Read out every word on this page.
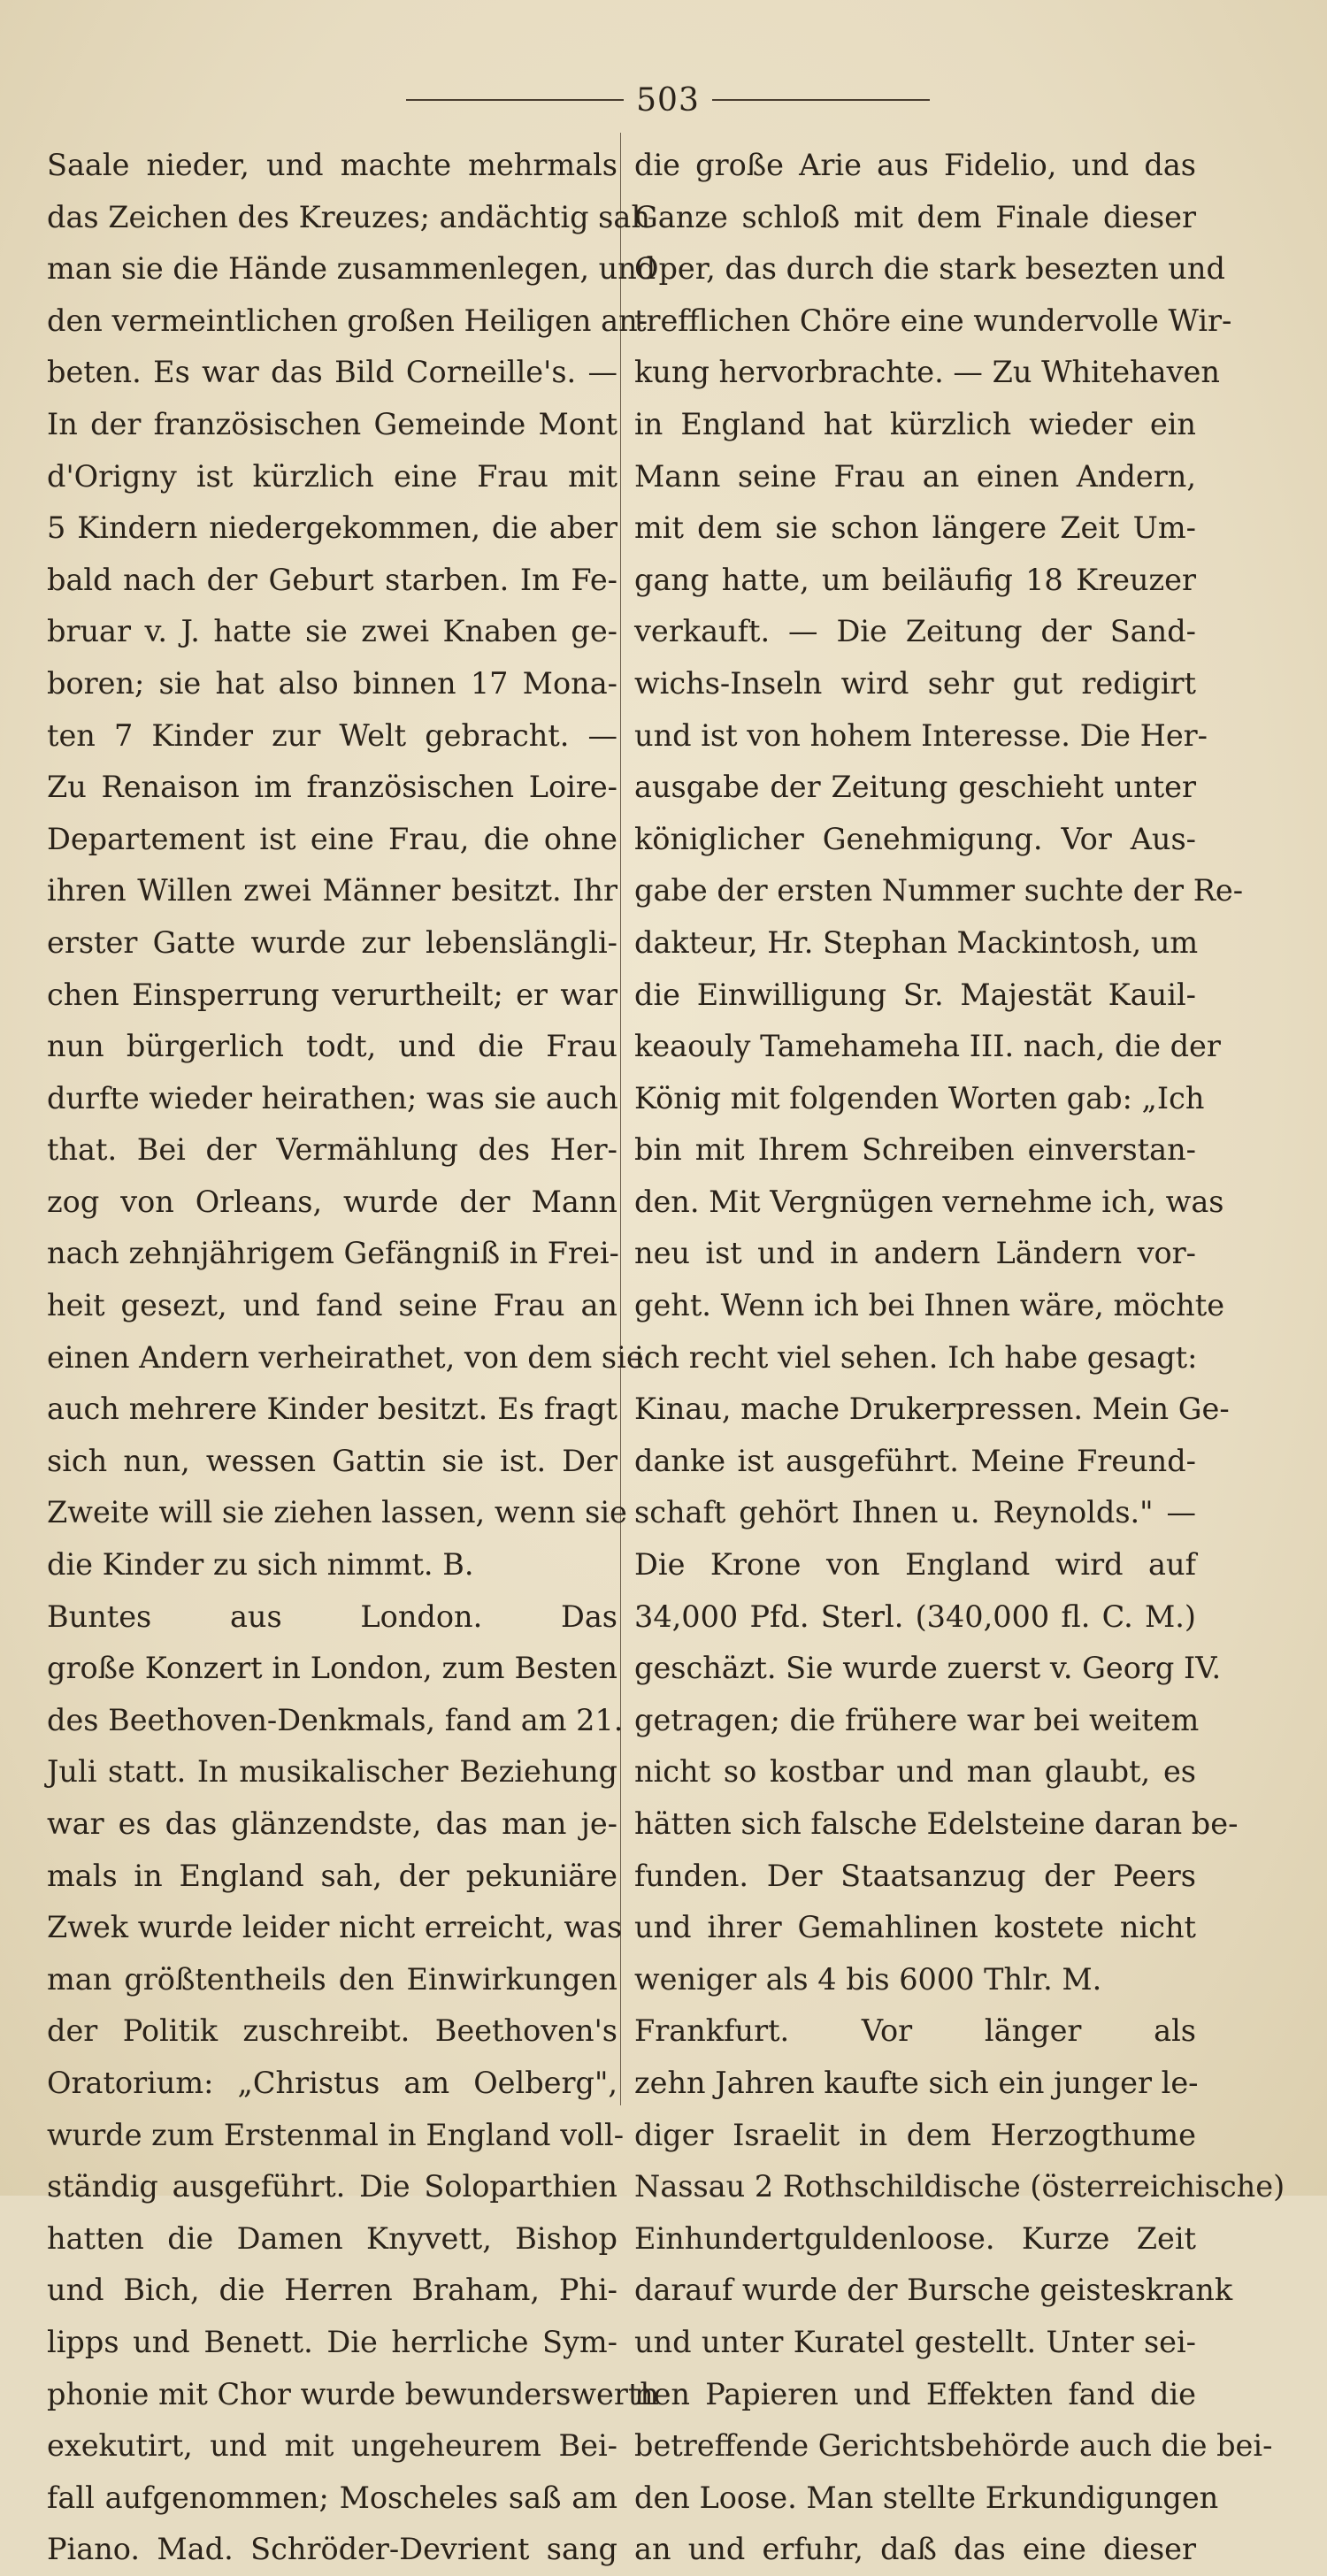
503
Saale nieder, und machte mehrmals
das Zeichen des Kreuzes; andächtig sah
man sie die Hände zusammenlegen, und
den vermeintlichen großen Heiligen an-
beten. Es war das Bild Corneille's. —
In der französischen Gemeinde Mont
d'Origny ist kürzlich eine Frau mit
5 Kindern niedergekommen, die aber
bald nach der Geburt starben. Im Fe-
bruar v. J. hatte sie zwei Knaben ge-
boren; sie hat also binnen 17 Mona-
ten 7 Kinder zur Welt gebracht. —
Zu Renaison im französischen Loire-
Departement ist eine Frau, die ohne
ihren Willen zwei Männer besitzt. Ihr
erster Gatte wurde zur lebenslängli-
chen Einsperrung verurtheilt; er war
nun bürgerlich todt, und die Frau
durfte wieder heirathen; was sie auch
that. Bei der Vermählung des Her-
zog von Orleans, wurde der Mann
nach zehnjährigem Gefängniß in Frei-
heit gesezt, und fand seine Frau an
einen Andern verheirathet, von dem sie
auch mehrere Kinder besitzt. Es fragt
sich nun, wessen Gattin sie ist. Der
Zweite will sie ziehen lassen, wenn sie
die Kinder zu sich nimmt. B.
Buntes aus London. Das
große Konzert in London, zum Besten
des Beethoven-Denkmals, fand am 21.
Juli statt. In musikalischer Beziehung
war es das glänzendste, das man je-
mals in England sah, der pekuniäre
Zwek wurde leider nicht erreicht, was
man größtentheils den Einwirkungen
der Politik zuschreibt. Beethoven's
Oratorium: „Christus am Oelberg",
wurde zum Erstenmal in England voll-
ständig ausgeführt. Die Soloparthien
hatten die Damen Knyvett, Bishop
und Bich, die Herren Braham, Phi-
lipps und Benett. Die herrliche Sym-
phonie mit Chor wurde bewunderswerth
exekutirt, und mit ungeheurem Bei-
fall aufgenommen; Moscheles saß am
Piano. Mad. Schröder-Devrient sang
die große Arie aus Fidelio, und das
Ganze schloß mit dem Finale dieser
Oper, das durch die stark besezten und
trefflichen Chöre eine wundervolle Wir-
kung hervorbrachte. — Zu Whitehaven
in England hat kürzlich wieder ein
Mann seine Frau an einen Andern,
mit dem sie schon längere Zeit Um-
gang hatte, um beiläufig 18 Kreuzer
verkauft. — Die Zeitung der Sand-
wichs-Inseln wird sehr gut redigirt
und ist von hohem Interesse. Die Her-
ausgabe der Zeitung geschieht unter
königlicher Genehmigung. Vor Aus-
gabe der ersten Nummer suchte der Re-
dakteur, Hr. Stephan Mackintosh, um
die Einwilligung Sr. Majestät Kauil-
keaouly Tamehameha III. nach, die der
König mit folgenden Worten gab: „Ich
bin mit Ihrem Schreiben einverstan-
den. Mit Vergnügen vernehme ich, was
neu ist und in andern Ländern vor-
geht. Wenn ich bei Ihnen wäre, möchte
ich recht viel sehen. Ich habe gesagt:
Kinau, mache Drukerpressen. Mein Ge-
danke ist ausgeführt. Meine Freund-
schaft gehört Ihnen u. Reynolds." —
Die Krone von England wird auf
34,000 Pfd. Sterl. (340,000 fl. C. M.)
geschäzt. Sie wurde zuerst v. Georg IV.
getragen; die frühere war bei weitem
nicht so kostbar und man glaubt, es
hätten sich falsche Edelsteine daran be-
funden. Der Staatsanzug der Peers
und ihrer Gemahlinen kostete nicht
weniger als 4 bis 6000 Thlr. M.
Frankfurt. Vor länger als
zehn Jahren kaufte sich ein junger le-
diger Israelit in dem Herzogthume
Nassau 2 Rothschildische (österreichische)
Einhundertguldenloose. Kurze Zeit
darauf wurde der Bursche geisteskrank
und unter Kuratel gestellt. Unter sei-
nen Papieren und Effekten fand die
betreffende Gerichtsbehörde auch die bei-
den Loose. Man stellte Erkundigungen
an und erfuhr, daß das eine dieser
